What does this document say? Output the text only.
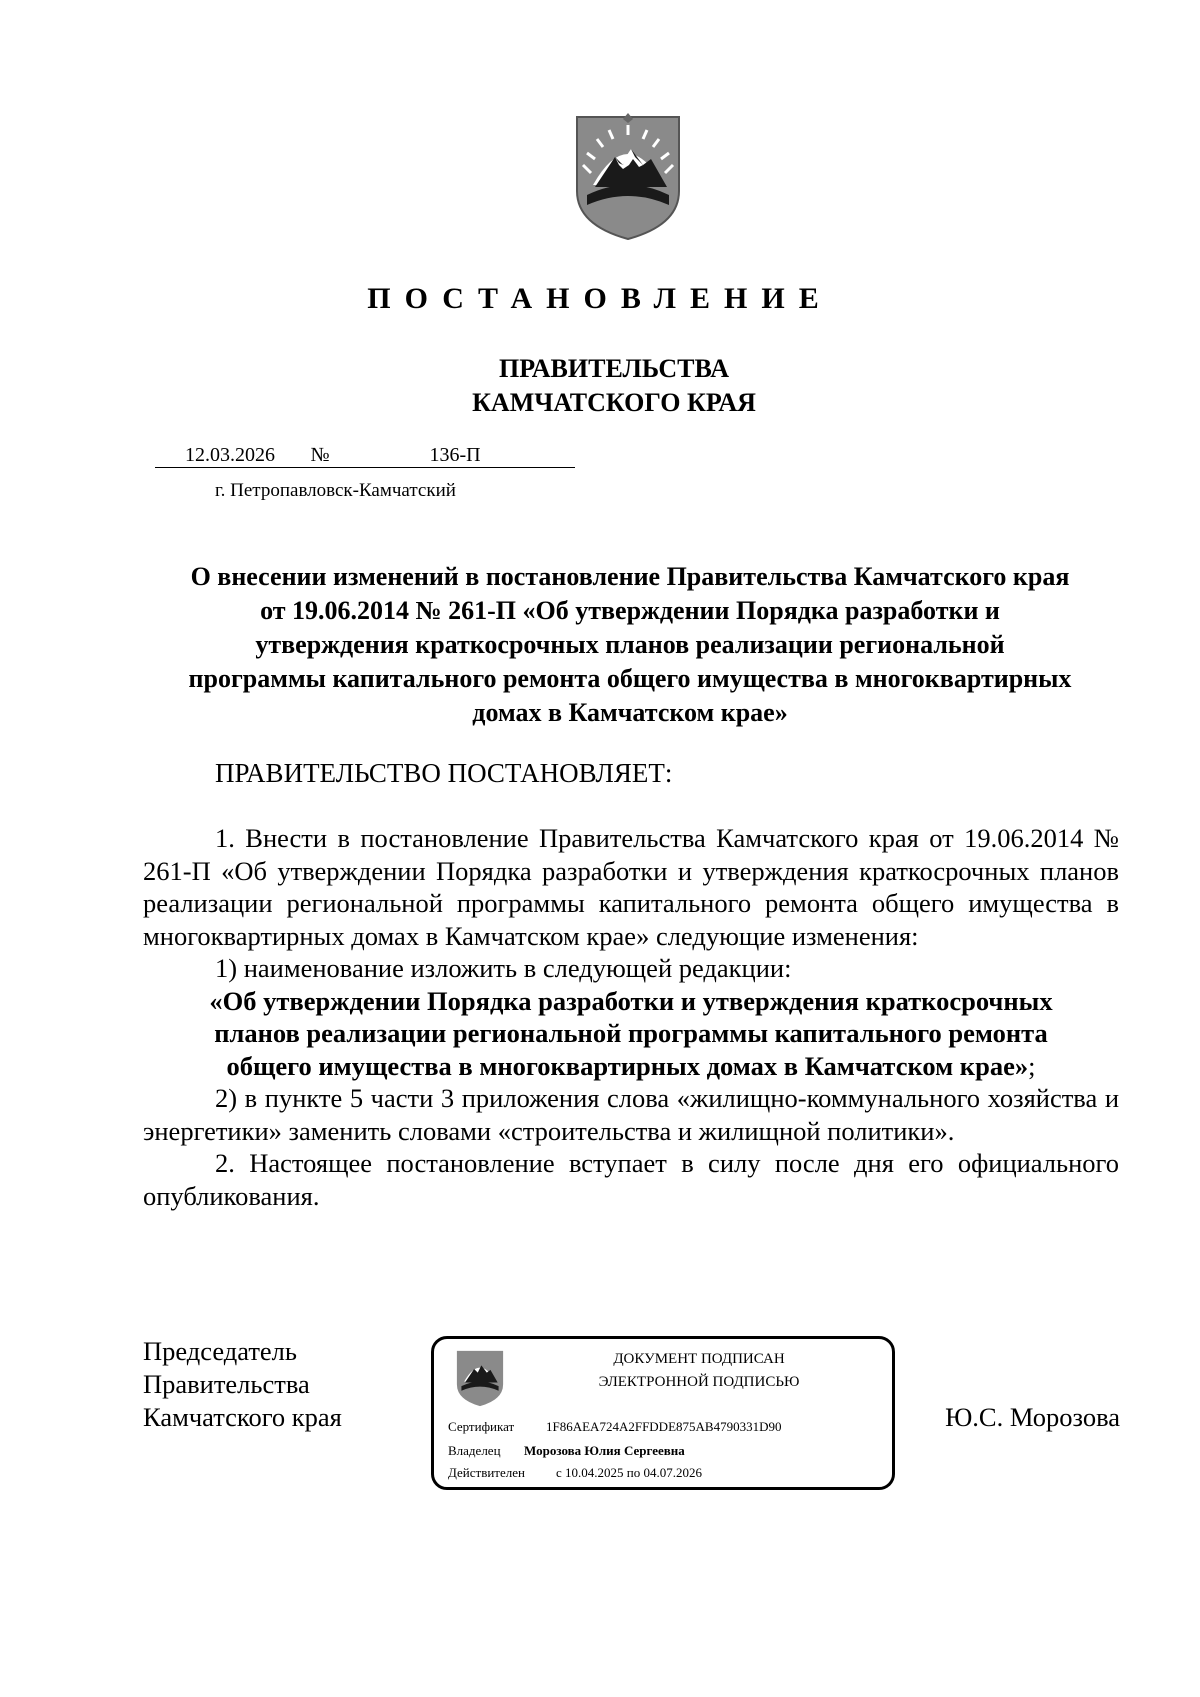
ПОСТАНОВЛЕНИЕ
ПРАВИТЕЛЬСТВА
КАМЧАТСКОГО КРАЯ
12.03.2026	№	136-П
г. Петропавловск-Камчатский
О внесении изменений в постановление Правительства Камчатского края
от 19.06.2014 № 261-П «Об утверждении Порядка разработки и
утверждения краткосрочных планов реализации региональной
программы капитального ремонта общего имущества в многоквартирных
домах в Камчатском крае»
ПРАВИТЕЛЬСТВО ПОСТАНОВЛЯЕТ:

1. Внести в постановление Правительства Камчатского края от 19.06.2014 № 261-П «Об утверждении Порядка разработки и утверждения краткосрочных планов реализации региональной программы капитального ремонта общего имущества в многоквартирных домах в Камчатском крае» следующие изменения:

1) наименование изложить в следующей редакции:

«Об утверждении Порядка разработки и утверждения краткосрочных
планов реализации региональной программы капитального ремонта
общего имущества в многоквартирных домах в Камчатском крае»;

2) в пункте 5 части 3 приложения слова «жилищно-коммунального хозяйства и энергетики» заменить словами «строительства и жилищной политики».

2. Настоящее постановление вступает в силу после дня его официального опубликования.

Председатель
Правительства
Камчатского края	Ю.С. Морозова
ДОКУМЕНТ ПОДПИСАН
ЭЛЕКТРОННОЙ ПОДПИСЬЮ
Сертификат 1F86AEA724A2FFDDE875AB4790331D90
Владелец Морозова Юлия Сергеевна
Действителен с 10.04.2025 по 04.07.2026
